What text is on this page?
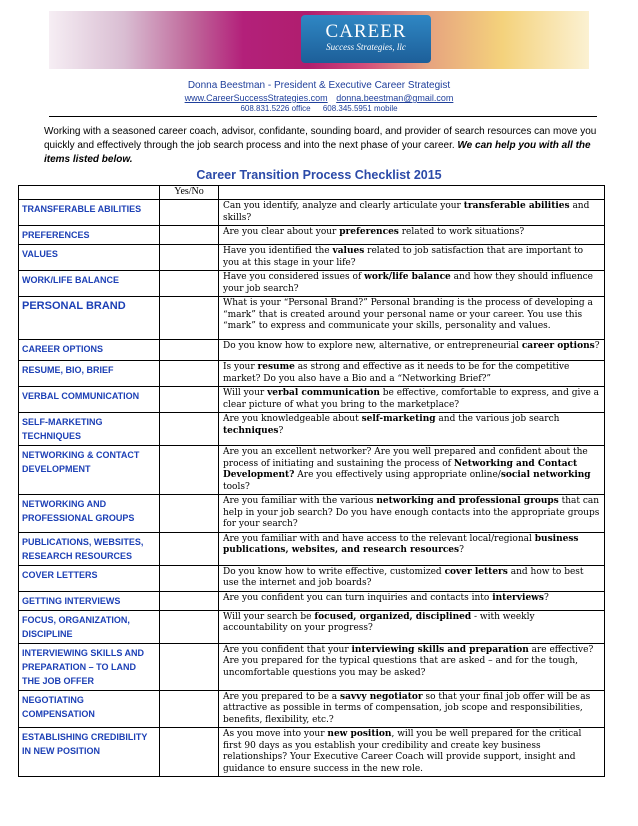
CAREER
Success Strategies, llc
Donna Beestman - President & Executive Career Strategist
www.CareerSuccessStrategies.com donna.beestman@gmail.com
608.831.5226 office 608.345.5951 mobile
Working with a seasoned career coach, advisor, confidante, sounding board, and provider of search resources can move you quickly and effectively through the job search process and into the next phase of your career. We can help you with all the items listed below.
Career Transition Process Checklist 2015
	Yes/No	
TRANSFERABLE ABILITIES		Can you identify, analyze and clearly articulate your transferable abilities and skills?
PREFERENCES		Are you clear about your preferences related to work situations?
VALUES		Have you identified the values related to job satisfaction that are important to you at this stage in your life?
WORK/LIFE BALANCE		Have you considered issues of work/life balance and how they should influence your job search?
PERSONAL BRAND		What is your “Personal Brand?” Personal branding is the process of developing a “mark” that is created around your personal name or your career. You use this “mark” to express and communicate your skills, personality and values.
CAREER OPTIONS		Do you know how to explore new, alternative, or entrepreneurial career options?
RESUME, BIO, BRIEF		Is your resume as strong and effective as it needs to be for the competitive market? Do you also have a Bio and a “Networking Brief?”
VERBAL COMMUNICATION		Will your verbal communication be effective, comfortable to express, and give a clear picture of what you bring to the marketplace?
SELF-MARKETING TECHNIQUES		Are you knowledgeable about self-marketing and the various job search techniques?
NETWORKING & CONTACT DEVELOPMENT		Are you an excellent networker? Are you well prepared and confident about the process of initiating and sustaining the process of Networking and Contact Development? Are you effectively using appropriate online/social networking tools?
NETWORKING AND PROFESSIONAL GROUPS		Are you familiar with the various networking and professional groups that can help in your job search? Do you have enough contacts into the appropriate groups for your search?
PUBLICATIONS, WEBSITES, RESEARCH RESOURCES		Are you familiar with and have access to the relevant local/regional business publications, websites, and research resources?
COVER LETTERS		Do you know how to write effective, customized cover letters and how to best use the internet and job boards?
GETTING INTERVIEWS		Are you confident you can turn inquiries and contacts into interviews?
FOCUS, ORGANIZATION, DISCIPLINE		Will your search be focused, organized, disciplined - with weekly accountability on your progress?
INTERVIEWING SKILLS AND PREPARATION – TO LAND THE JOB OFFER		Are you confident that your interviewing skills and preparation are effective? Are you prepared for the typical questions that are asked – and for the tough, uncomfortable questions you may be asked?
NEGOTIATING COMPENSATION		Are you prepared to be a savvy negotiator so that your final job offer will be as attractive as possible in terms of compensation, job scope and responsibilities, benefits, flexibility, etc.?
ESTABLISHING CREDIBILITY IN NEW POSITION		As you move into your new position, will you be well prepared for the critical first 90 days as you establish your credibility and create key business relationships? Your Executive Career Coach will provide support, insight and guidance to ensure success in the new role.
